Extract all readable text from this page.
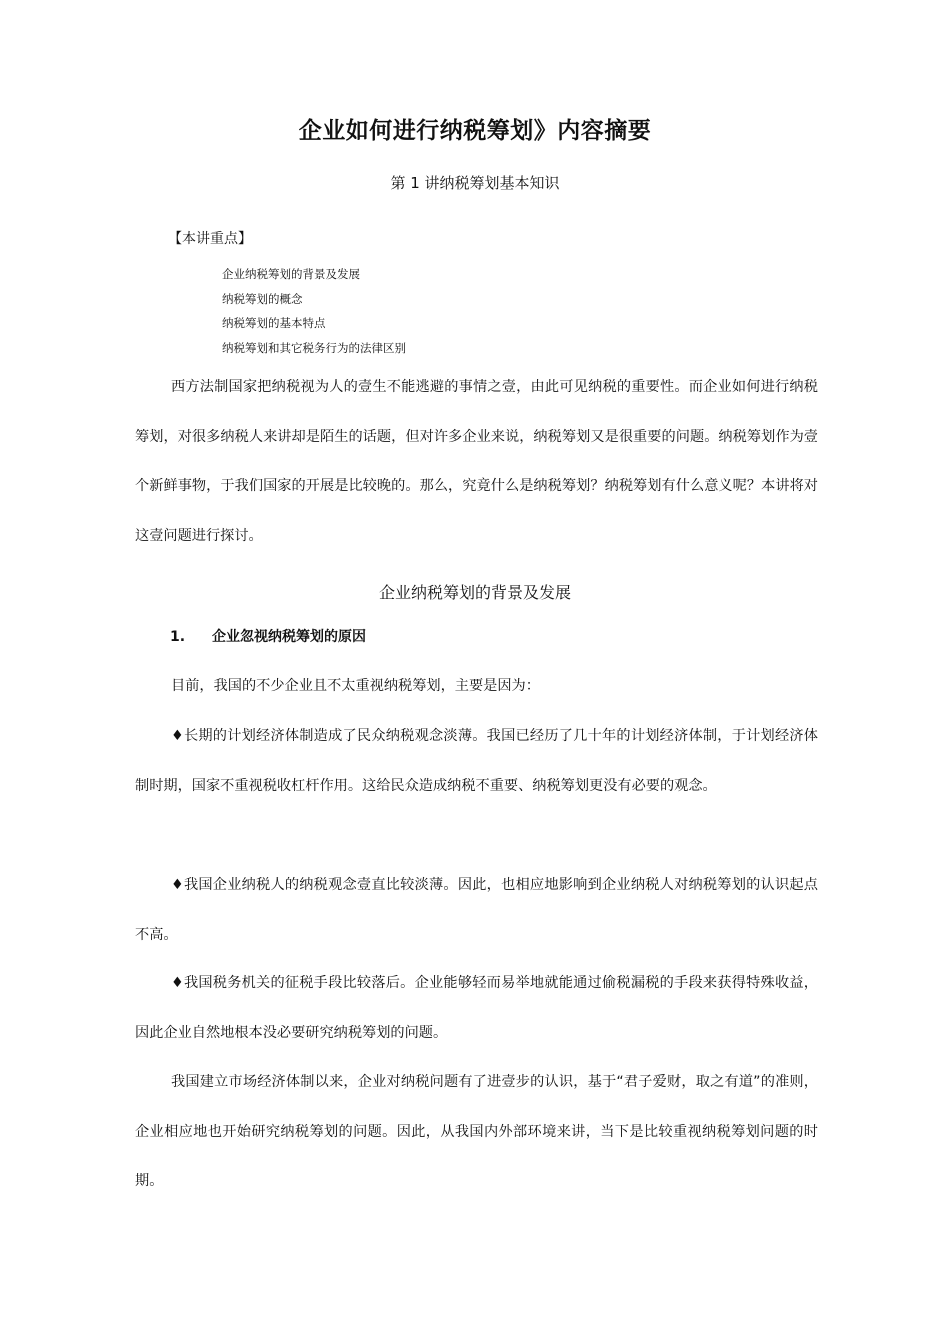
企业如何进行纳税筹划》内容摘要
第 1 讲纳税筹划基本知识
【本讲重点】
企业纳税筹划的背景及发展
纳税筹划的概念
纳税筹划的基本特点
纳税筹划和其它税务行为的法律区别

西方法制国家把纳税视为人的壹生不能逃避的事情之壹，由此可见纳税的重要性。而企业如何进行纳税筹划，对很多纳税人来讲却是陌生的话题，但对许多企业来说，纳税筹划又是很重要的问题。纳税筹划作为壹个新鲜事物，于我们国家的开展是比较晚的。那么，究竟什么是纳税筹划？纳税筹划有什么意义呢？本讲将对这壹问题进行探讨。

企业纳税筹划的背景及发展
1. 企业忽视纳税筹划的原因

目前，我国的不少企业且不太重视纳税筹划，主要是因为：

♦长期的计划经济体制造成了民众纳税观念淡薄。我国已经历了几十年的计划经济体制，于计划经济体制时期，国家不重视税收杠杆作用。这给民众造成纳税不重要、纳税筹划更没有必要的观念。

♦我国企业纳税人的纳税观念壹直比较淡薄。因此，也相应地影响到企业纳税人对纳税筹划的认识起点不高。

♦我国税务机关的征税手段比较落后。企业能够轻而易举地就能通过偷税漏税的手段来获得特殊收益，因此企业自然地根本没必要研究纳税筹划的问题。

我国建立市场经济体制以来，企业对纳税问题有了进壹步的认识，基于“君子爱财，取之有道”的准则，企业相应地也开始研究纳税筹划的问题。因此，从我国内外部环境来讲，当下是比较重视纳税筹划问题的时期。
